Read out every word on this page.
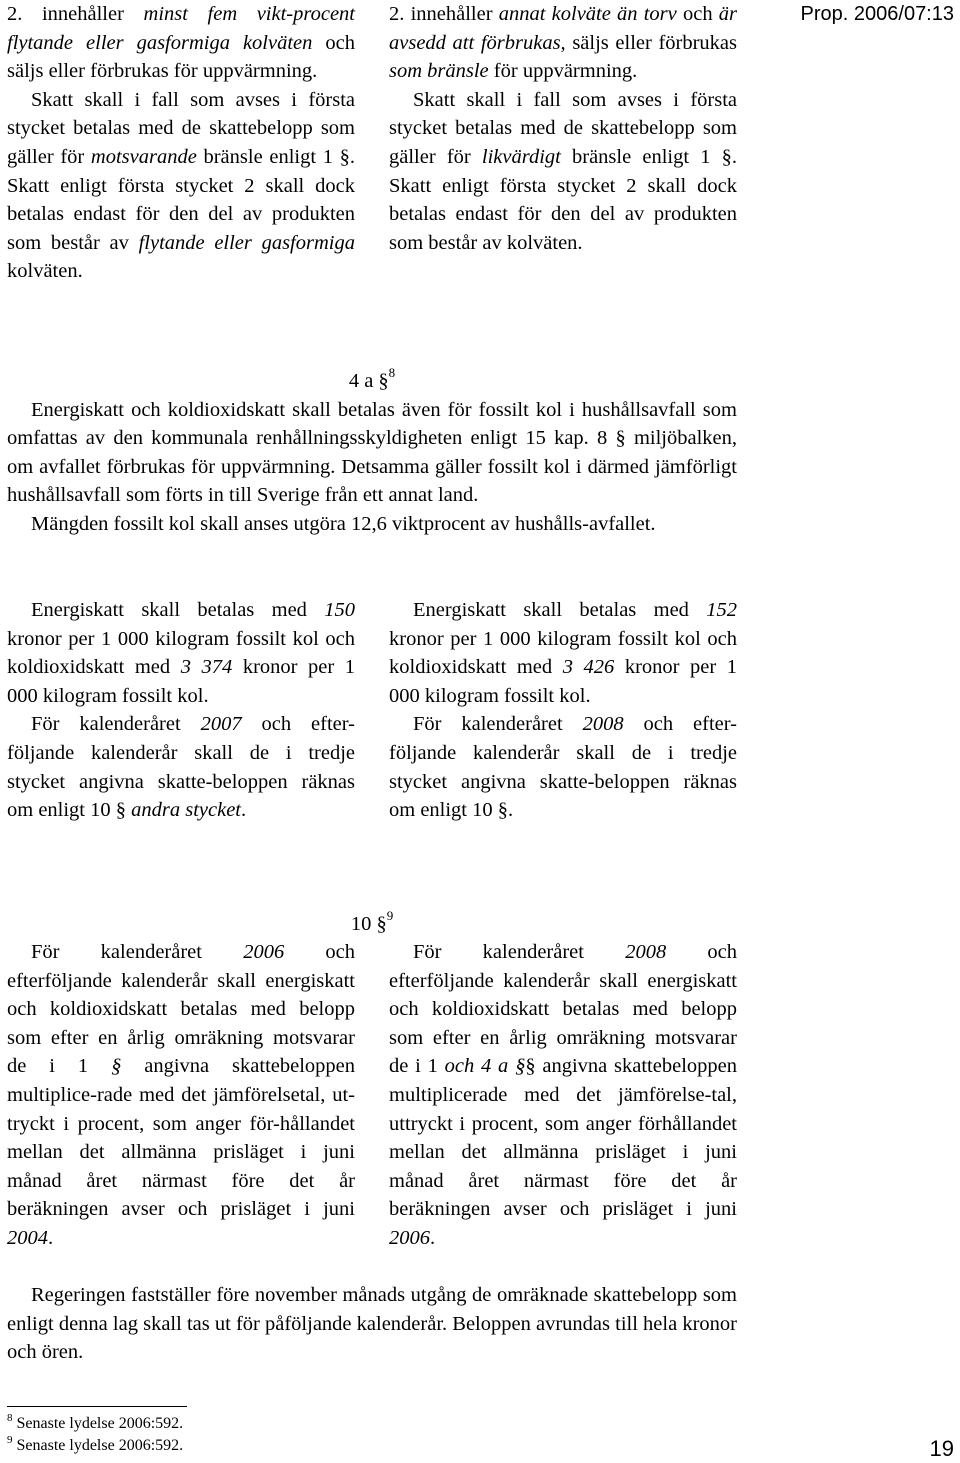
Prop. 2006/07:13

2. innehåller minst fem vikt-procent flytande eller gasformiga kolväten och säljs eller förbrukas för uppvärmning.

Skatt skall i fall som avses i första stycket betalas med de skattebelopp som gäller för motsvarande bränsle enligt 1 §. Skatt enligt första stycket 2 skall dock betalas endast för den del av produkten som består av flytande eller gasformiga kolväten.

2. innehåller annat kolväte än torv och är avsedd att förbrukas, säljs eller förbrukas som bränsle för uppvärmning.

Skatt skall i fall som avses i första stycket betalas med de skattebelopp som gäller för likvärdigt bränsle enligt 1 §. Skatt enligt första stycket 2 skall dock betalas endast för den del av produkten som består av kolväten.

4 a §$^8$

Energiskatt och koldioxidskatt skall betalas även för fossilt kol i hushållsavfall som omfattas av den kommunala renhållningsskyldigheten enligt 15 kap. 8 § miljöbalken, om avfallet förbrukas för uppvärmning. Detsamma gäller fossilt kol i därmed jämförligt hushållsavfall som förts in till Sverige från ett annat land.

Mängden fossilt kol skall anses utgöra 12,6 viktprocent av hushålls-avfallet.

Energiskatt skall betalas med 150 kronor per 1 000 kilogram fossilt kol och koldioxidskatt med 3 374 kronor per 1 000 kilogram fossilt kol.

För kalenderåret 2007 och efter-följande kalenderår skall de i tredje stycket angivna skatte-beloppen räknas om enligt 10 § andra stycket.

Energiskatt skall betalas med 152 kronor per 1 000 kilogram fossilt kol och koldioxidskatt med 3 426 kronor per 1 000 kilogram fossilt kol.

För kalenderåret 2008 och efter-följande kalenderår skall de i tredje stycket angivna skatte-beloppen räknas om enligt 10 §.

10 §$^9$

För kalenderåret 2006 och efterföljande kalenderår skall energiskatt och koldioxidskatt betalas med belopp som efter en årlig omräkning motsvarar de i 1 § angivna skattebeloppen multiplice-rade med det jämförelsetal, ut-tryckt i procent, som anger för-hållandet mellan det allmänna prisläget i juni månad året närmast före det år beräkningen avser och prisläget i juni 2004.

För kalenderåret 2008 och efterföljande kalenderår skall energiskatt och koldioxidskatt betalas med belopp som efter en årlig omräkning motsvarar de i 1 och 4 a §§ angivna skattebeloppen multiplicerade med det jämförelse-tal, uttryckt i procent, som anger förhållandet mellan det allmänna prisläget i juni månad året närmast före det år beräkningen avser och prisläget i juni 2006.

Regeringen fastställer före november månads utgång de omräknade skattebelopp som enligt denna lag skall tas ut för påföljande kalenderår. Beloppen avrundas till hela kronor och ören.

$^8$ Senaste lydelse 2006:592.
$^9$ Senaste lydelse 2006:592.	19
